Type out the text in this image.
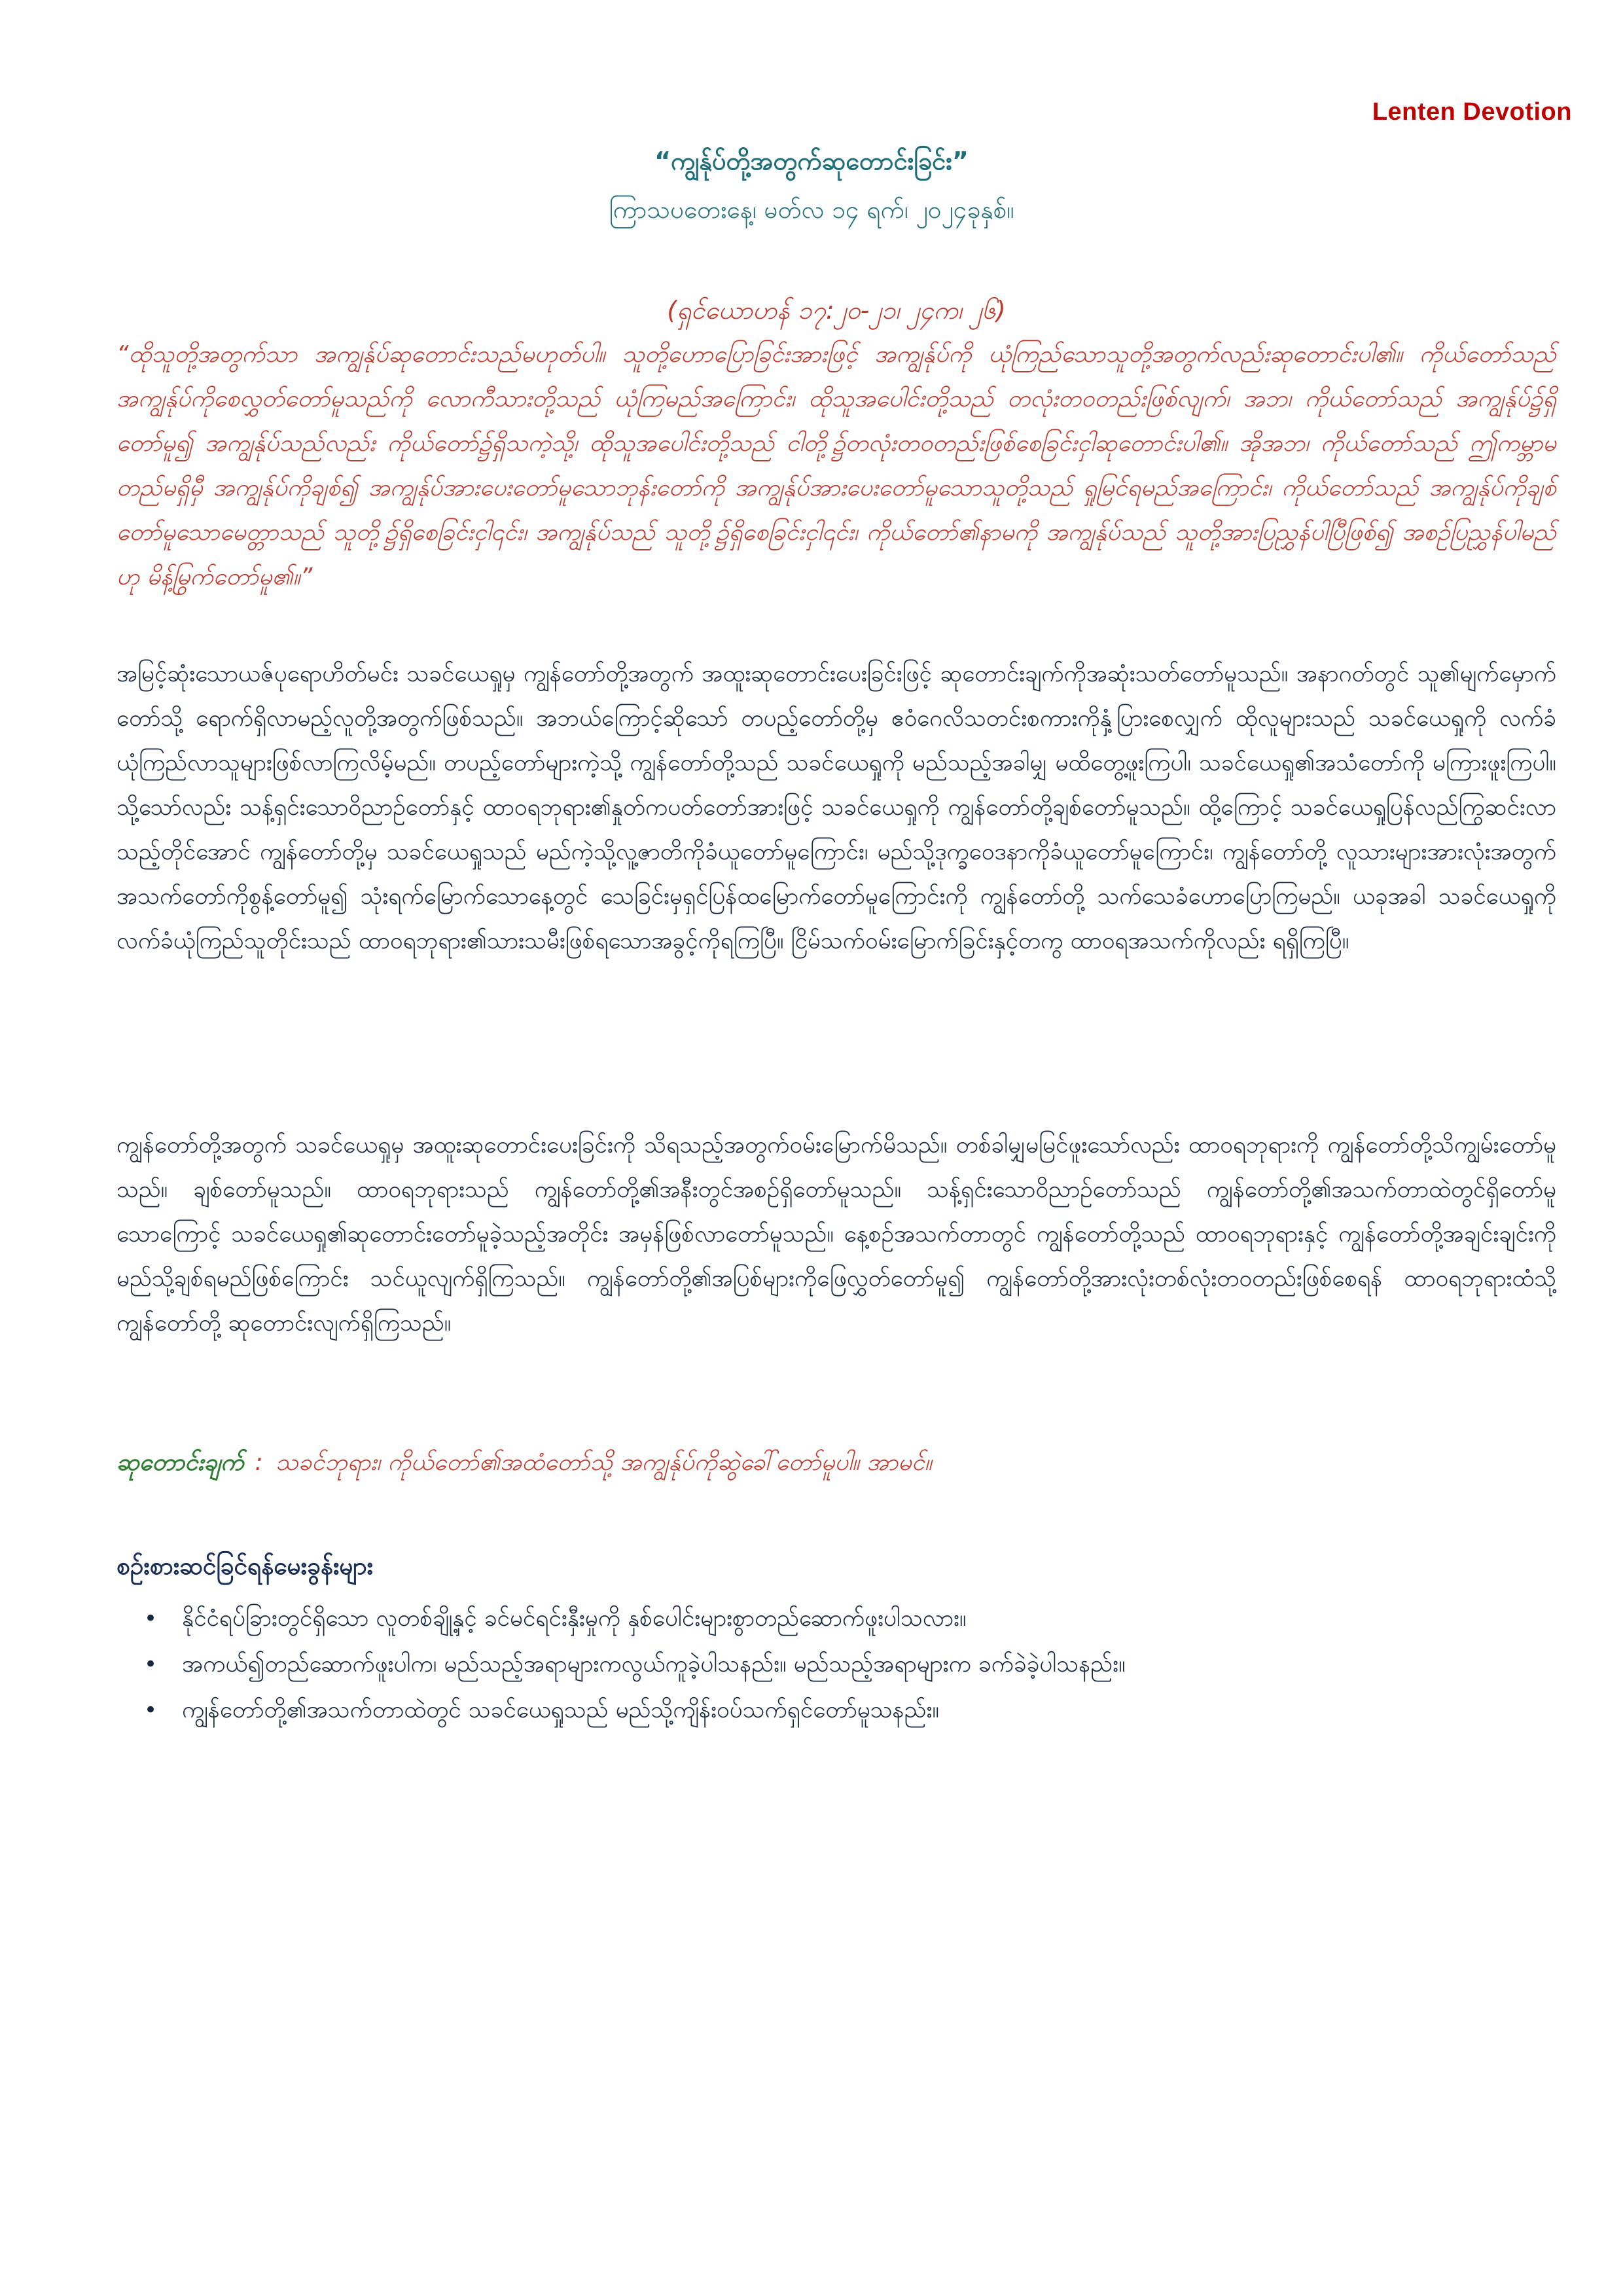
Lenten Devotion
“ကျွန်ုပ်တို့အတွက်ဆုတောင်းခြင်း”
ကြာသပတေးနေ့၊ မတ်လ ၁၄ ရက်၊ ၂၀၂၄ခုနှစ်။
(ရှင်ယောဟန် ၁၇:၂၀-၂၁၊ ၂၄က၊ ၂၆)
“ထိုသူတို့အတွက်သာ အကျွန်ုပ်ဆုတောင်းသည်မဟုတ်ပါ။ သူတို့ဟောပြောခြင်းအားဖြင့် အကျွန်ုပ်ကို ယုံကြည်သောသူတို့အတွက်လည်းဆုတောင်းပါ၏။ ကိုယ်တော်သည် အကျွန်ုပ်ကိုစေလွှတ်တော်မူသည်ကို လောကီသားတို့သည် ယုံကြမည်အကြောင်း၊ ထိုသူအပေါင်းတို့သည် တလုံးတဝတည်းဖြစ်လျက်၊ အဘ၊ ကိုယ်တော်သည် အကျွန်ုပ်၌ရှိတော်မူ၍ အကျွန်ုပ်သည်လည်း ကိုယ်တော်၌ရှိသကဲ့သို့၊ ထိုသူအပေါင်းတို့သည် ငါတို့၌တလုံးတဝတည်းဖြစ်စေခြင်းငှါဆုတောင်းပါ၏။ အိုအဘ၊ ကိုယ်တော်သည် ဤကမ္ဘာမတည်မရှိမှီ အကျွန်ုပ်ကိုချစ်၍ အကျွန်ုပ်အားပေးတော်မူသောဘုန်းတော်ကို အကျွန်ုပ်အားပေးတော်မူသောသူတို့သည် ရှုမြင်ရမည်အကြောင်း၊ ကိုယ်တော်သည် အကျွန်ုပ်ကိုချစ်တော်မူသောမေတ္တာသည် သူတို့၌ရှိစေခြင်းငှါ၎င်း၊ အကျွန်ုပ်သည် သူတို့၌ရှိစေခြင်းငှါ၎င်း၊ ကိုယ်တော်၏နာမကို အကျွန်ုပ်သည် သူတို့အားပြညွှန်ပါပြီဖြစ်၍ အစဉ်ပြညွှန်ပါမည်ဟု မိန့်မြွက်တော်မူ၏။”
အမြင့်ဆုံးသောယဇ်ပုရောဟိတ်မင်း သခင်ယေရှုမှ ကျွန်တော်တို့အတွက် အထူးဆုတောင်းပေးခြင်းဖြင့် ဆုတောင်းချက်ကိုအဆုံးသတ်တော်မူသည်။ အနာဂတ်တွင် သူ၏မျက်မှောက်တော်သို့ ရောက်ရှိလာမည့်လူတို့အတွက်ဖြစ်သည်။ အဘယ်ကြောင့်ဆိုသော် တပည့်တော်တို့မှ ဧဝံဂေလိသတင်းစကားကိုနှံ့ပြားစေလျှက် ထိုလူများသည် သခင်ယေရှုကို လက်ခံယုံကြည်လာသူများဖြစ်လာကြလိမ့်မည်။ တပည့်တော်များကဲ့သို့ ကျွန်တော်တို့သည် သခင်ယေရှုကို မည်သည့်အခါမျှ မထိတွေ့ဖူးကြပါ၊ သခင်ယေရှု၏အသံတော်ကို မကြားဖူးကြပါ။ သို့သော်လည်း သန့်ရှင်းသောဝိညာဉ်တော်နှင့် ထာဝရဘုရား၏နှုတ်ကပတ်တော်အားဖြင့် သခင်ယေရှုကို ကျွန်တော်တို့ချစ်တော်မူသည်။ ထို့ကြောင့် သခင်ယေရှုပြန်လည်ကြွဆင်းလာသည့်တိုင်အောင် ကျွန်တော်တို့မှ သခင်ယေရှုသည် မည်ကဲ့သို့လူ့ဇာတိကိုခံယူတော်မူကြောင်း၊ မည်သို့ဒုက္ခဝေဒနာကိုခံယူတော်မူကြောင်း၊ ကျွန်တော်တို့ လူသားများအားလုံးအတွက် အသက်တော်ကိုစွန့်တော်မူ၍ သုံးရက်မြောက်သောနေ့တွင် သေခြင်းမှရှင်ပြန်ထမြောက်တော်မူကြောင်းကို ကျွန်တော်တို့ သက်သေခံဟောပြောကြမည်။ ယခုအခါ သခင်ယေရှုကိုလက်ခံယုံကြည်သူတိုင်းသည် ထာဝရဘုရား၏သားသမီးဖြစ်ရသောအခွင့်ကိုရကြပြီ။ ငြိမ်သက်ဝမ်းမြောက်ခြင်းနှင့်တကွ ထာဝရအသက်ကိုလည်း ရရှိကြပြီ။
ကျွန်တော်တို့အတွက် သခင်ယေရှုမှ အထူးဆုတောင်းပေးခြင်းကို သိရသည့်အတွက်ဝမ်းမြောက်မိသည်။ တစ်ခါမျှမမြင်ဖူးသော်လည်း ထာဝရဘုရားကို ကျွန်တော်တို့သိကျွမ်းတော်မူသည်။ ချစ်တော်မူသည်။ ထာဝရဘုရားသည် ကျွန်တော်တို့၏အနီးတွင်အစဉ်ရှိတော်မူသည်။ သန့်ရှင်းသောဝိညာဉ်တော်သည် ကျွန်တော်တို့၏အသက်တာထဲတွင်ရှိတော်မူသောကြောင့် သခင်ယေရှု၏ဆုတောင်းတော်မူခဲ့သည့်အတိုင်း အမှန်ဖြစ်လာတော်မူသည်။ နေ့စဉ်အသက်တာတွင် ကျွန်တော်တို့သည် ထာဝရဘုရားနှင့် ကျွန်တော်တို့အချင်းချင်းကို မည်သို့ချစ်ရမည်ဖြစ်ကြောင်း သင်ယူလျက်ရှိကြသည်။ ကျွန်တော်တို့၏အပြစ်များကိုဖြေလွှတ်တော်မူ၍ ကျွန်တော်တို့အားလုံးတစ်လုံးတဝတည်းဖြစ်စေရန် ထာဝရဘုရားထံသို့ ကျွန်တော်တို့ ဆုတောင်းလျက်ရှိကြသည်။
ဆုတောင်းချက် : သခင်ဘုရား၊ ကိုယ်တော်၏အထံတော်သို့ အကျွန်ုပ်ကိုဆွဲခေါ်တော်မူပါ။ အာမင်။
စဉ်းစားဆင်ခြင်ရန်မေးခွန်းများ
• နိုင်ငံရပ်ခြားတွင်ရှိသော လူတစ်ချို့နှင့် ခင်မင်ရင်းနှီးမှုကို နှစ်ပေါင်းများစွာတည်ဆောက်ဖူးပါသလား။
• အကယ်၍တည်ဆောက်ဖူးပါက၊ မည်သည့်အရာများကလွယ်ကူခဲ့ပါသနည်း။ မည်သည့်အရာများက ခက်ခဲခဲ့ပါသနည်း။
• ကျွန်တော်တို့၏အသက်တာထဲတွင် သခင်ယေရှုသည် မည်သို့ကျိန်းဝပ်သက်ရှင်တော်မူသနည်း။
